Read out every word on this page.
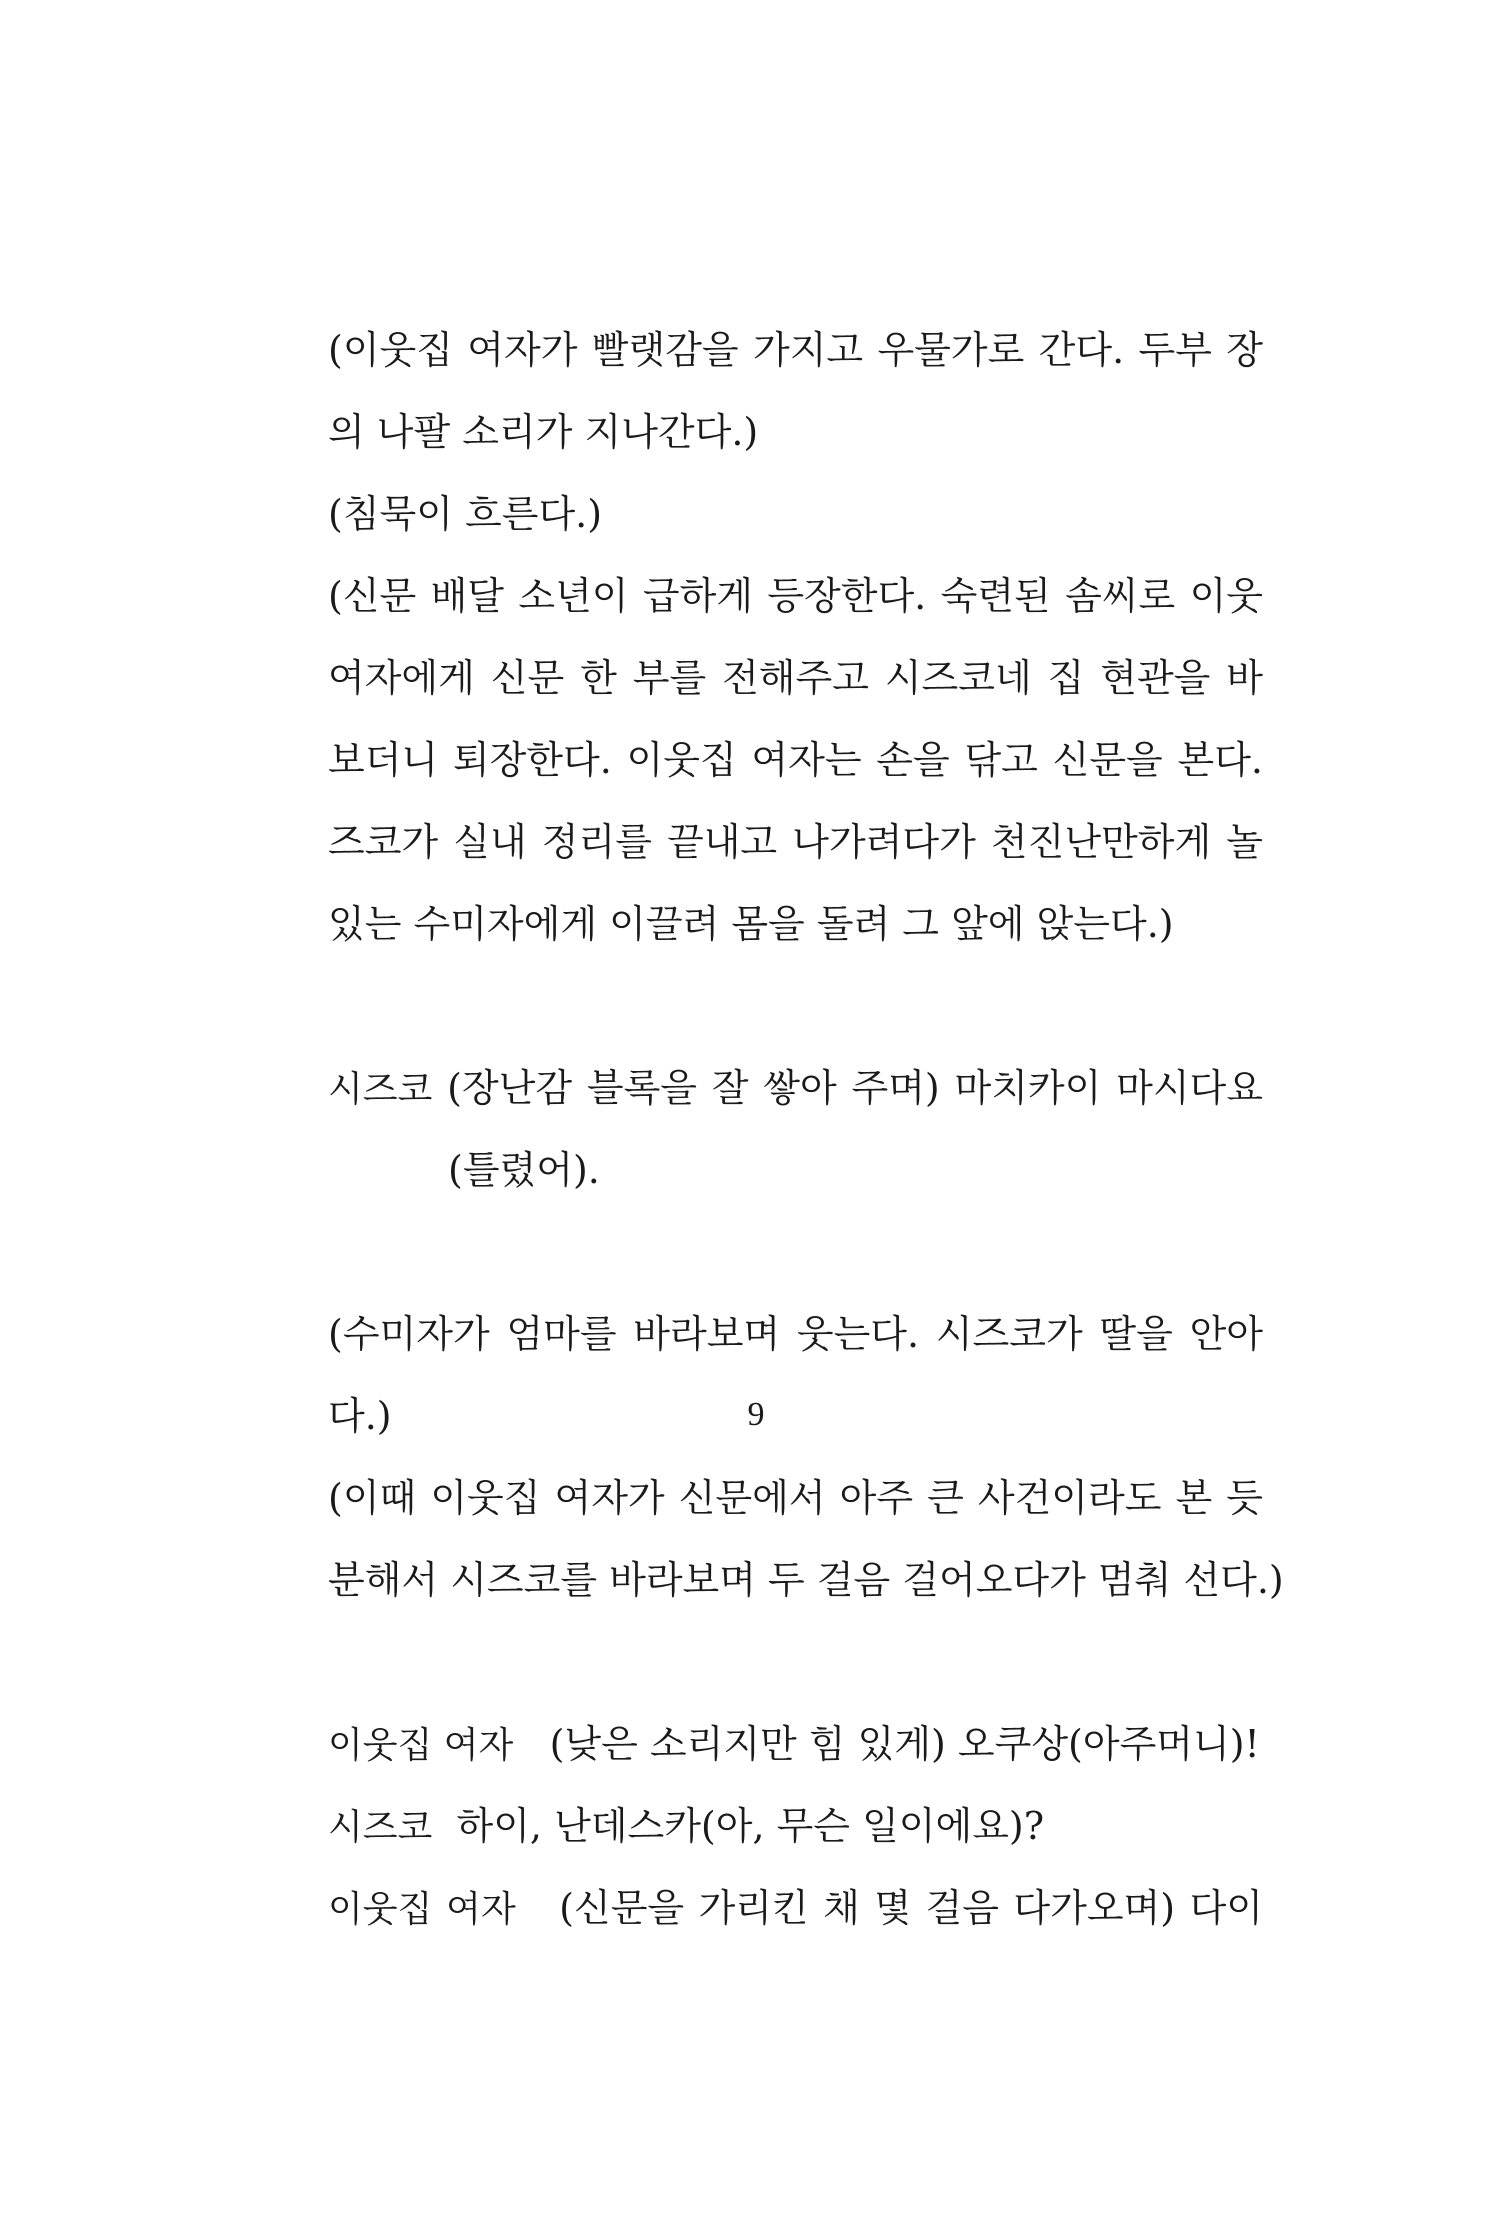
(이웃집 여자가 빨랫감을 가지고 우물가로 간다. 두부 장
의 나팔 소리가 지나간다.)
(침묵이 흐른다.)
(신문 배달 소년이 급하게 등장한다. 숙련된 솜씨로 이웃
여자에게 신문 한 부를 전해주고 시즈코네 집 현관을 바
보더니 퇴장한다. 이웃집 여자는 손을 닦고 신문을 본다.
즈코가 실내 정리를 끝내고 나가려다가 천진난만하게 놀
있는 수미자에게 이끌려 몸을 돌려 그 앞에 앉는다.)
시즈코 (장난감 블록을 잘 쌓아 주며) 마치카이 마시다요
(틀렸어).
(수미자가 엄마를 바라보며 웃는다. 시즈코가 딸을 안아
다.)
(이때 이웃집 여자가 신문에서 아주 큰 사건이라도 본 듯
분해서 시즈코를 바라보며 두 걸음 걸어오다가 멈춰 선다.)
이웃집 여자 (낮은 소리지만 힘 있게) 오쿠상(아주머니)!
시즈코 하이, 난데스카(아, 무슨 일이에요)?
이웃집 여자 (신문을 가리킨 채 몇 걸음 다가오며) 다이
9
